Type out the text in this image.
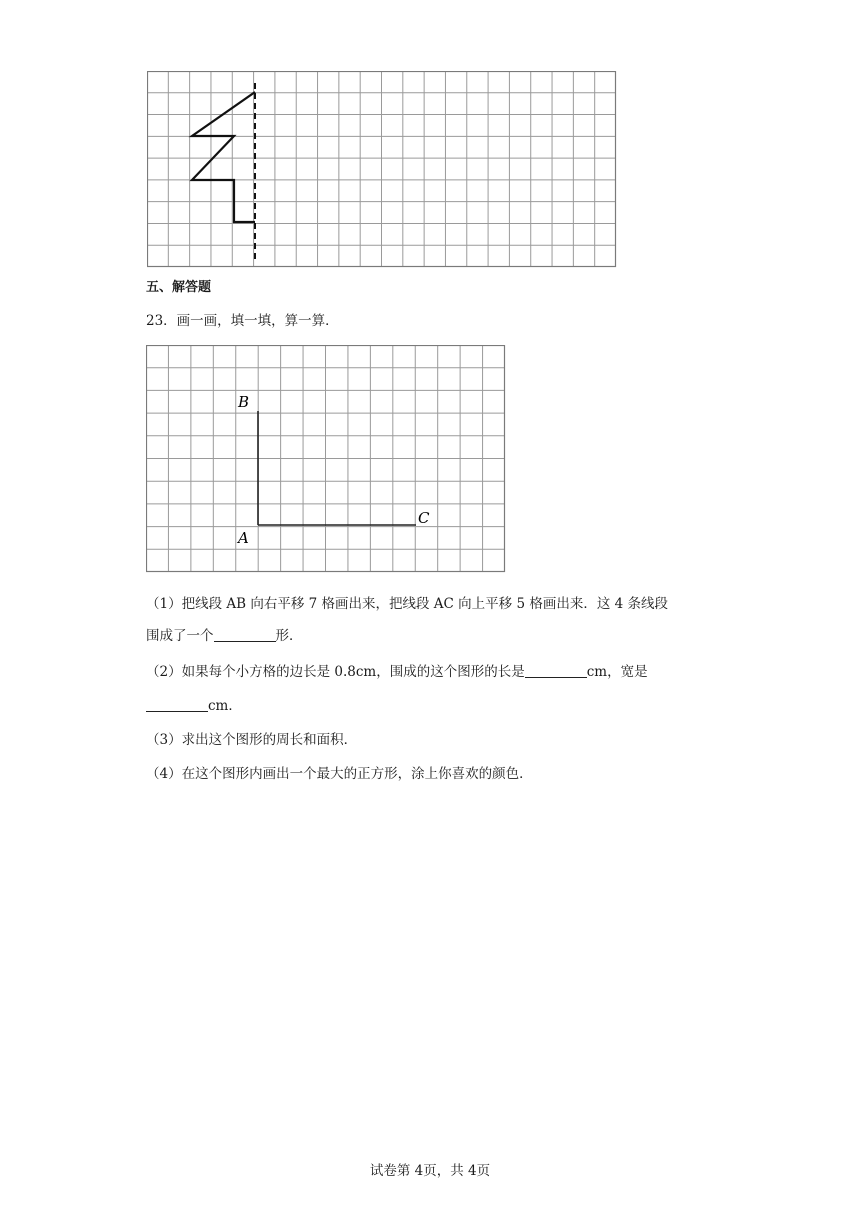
五、解答题
23．画一画，填一填，算一算．
B
A
C
（1）把线段 AB 向右平移 7 格画出来，把线段 AC 向上平移 5 格画出来．这 4 条线段
围成了一个	形．
（2）如果每个小方格的边长是 0.8cm，围成的这个图形的长是	cm，宽是
cm．
（3）求出这个图形的周长和面积．
（4）在这个图形内画出一个最大的正方形，涂上你喜欢的颜色．
试卷第 4页，共 4页
